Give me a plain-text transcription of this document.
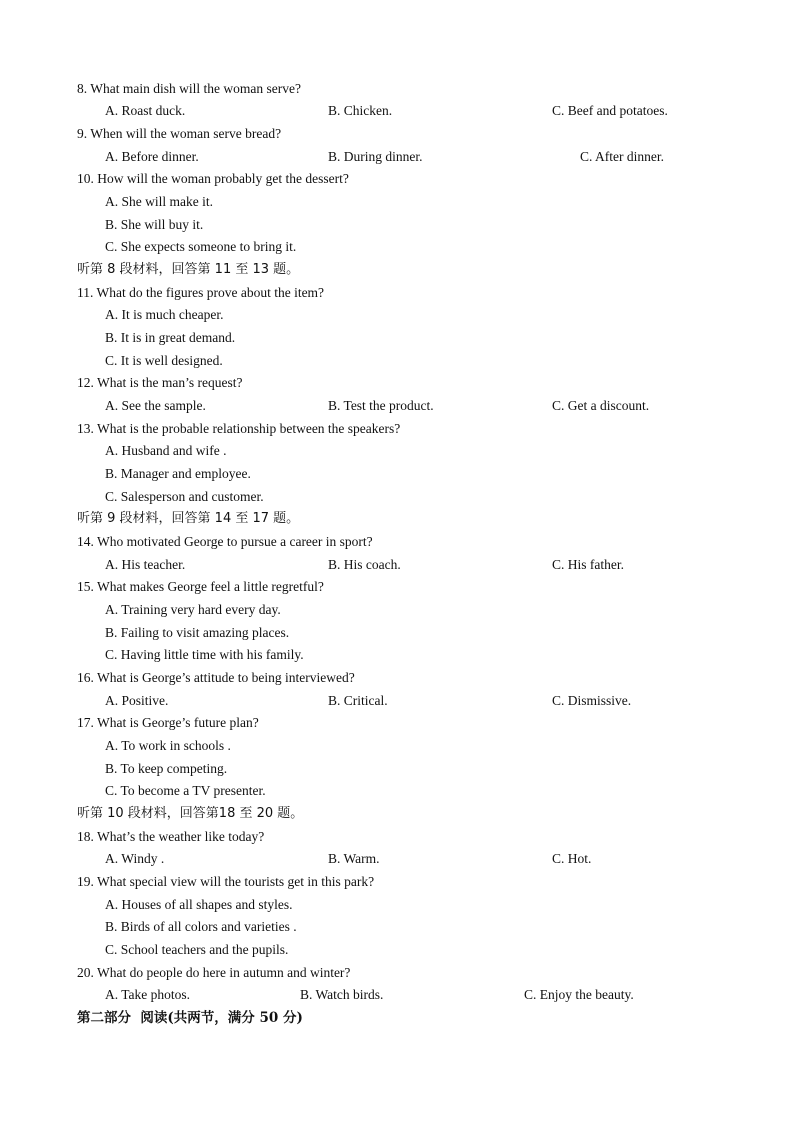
8. What main dish will the woman serve?
A. Roast duck.	B. Chicken.	C. Beef and potatoes.
9. When will the woman serve bread?
A. Before dinner.	B. During dinner.	C. After dinner.
10. How will the woman probably get the dessert?
A. She will make it.
B. She will buy it.
C. She expects someone to bring it.
听第 8 段材料，回答第 11 至 13 题。
11. What do the figures prove about the item?
A. It is much cheaper.
B. It is in great demand.
C. It is well designed.
12. What is the man’s request?
A. See the sample.	B. Test the product.	C. Get a discount.
13. What is the probable relationship between the speakers?
A. Husband and wife .
B. Manager and employee.
C. Salesperson and customer.
听第 9 段材料，回答第 14 至 17 题。
14. Who motivated George to pursue a career in sport?
A. His teacher.	B. His coach.	C. His father.
15. What makes George feel a little regretful?
A. Training very hard every day.
B. Failing to visit amazing places.
C. Having little time with his family.
16. What is George’s attitude to being interviewed?
A. Positive.	B. Critical.	C. Dismissive.
17. What is George’s future plan?
A. To work in schools .
B. To keep competing.
C. To become a TV presenter.
听第 10 段材料，回答第18 至 20 题。
18. What’s the weather like today?
A. Windy .	B. Warm.	C. Hot.
19. What special view will the tourists get in this park?
A. Houses of all shapes and styles.
B. Birds of all colors and varieties .
C. School teachers and the pupils.
20. What do people do here in autumn and winter?
A. Take photos.	B. Watch birds.	C. Enjoy the beauty.
第二部分  阅读(共两节，满分 50 分)
